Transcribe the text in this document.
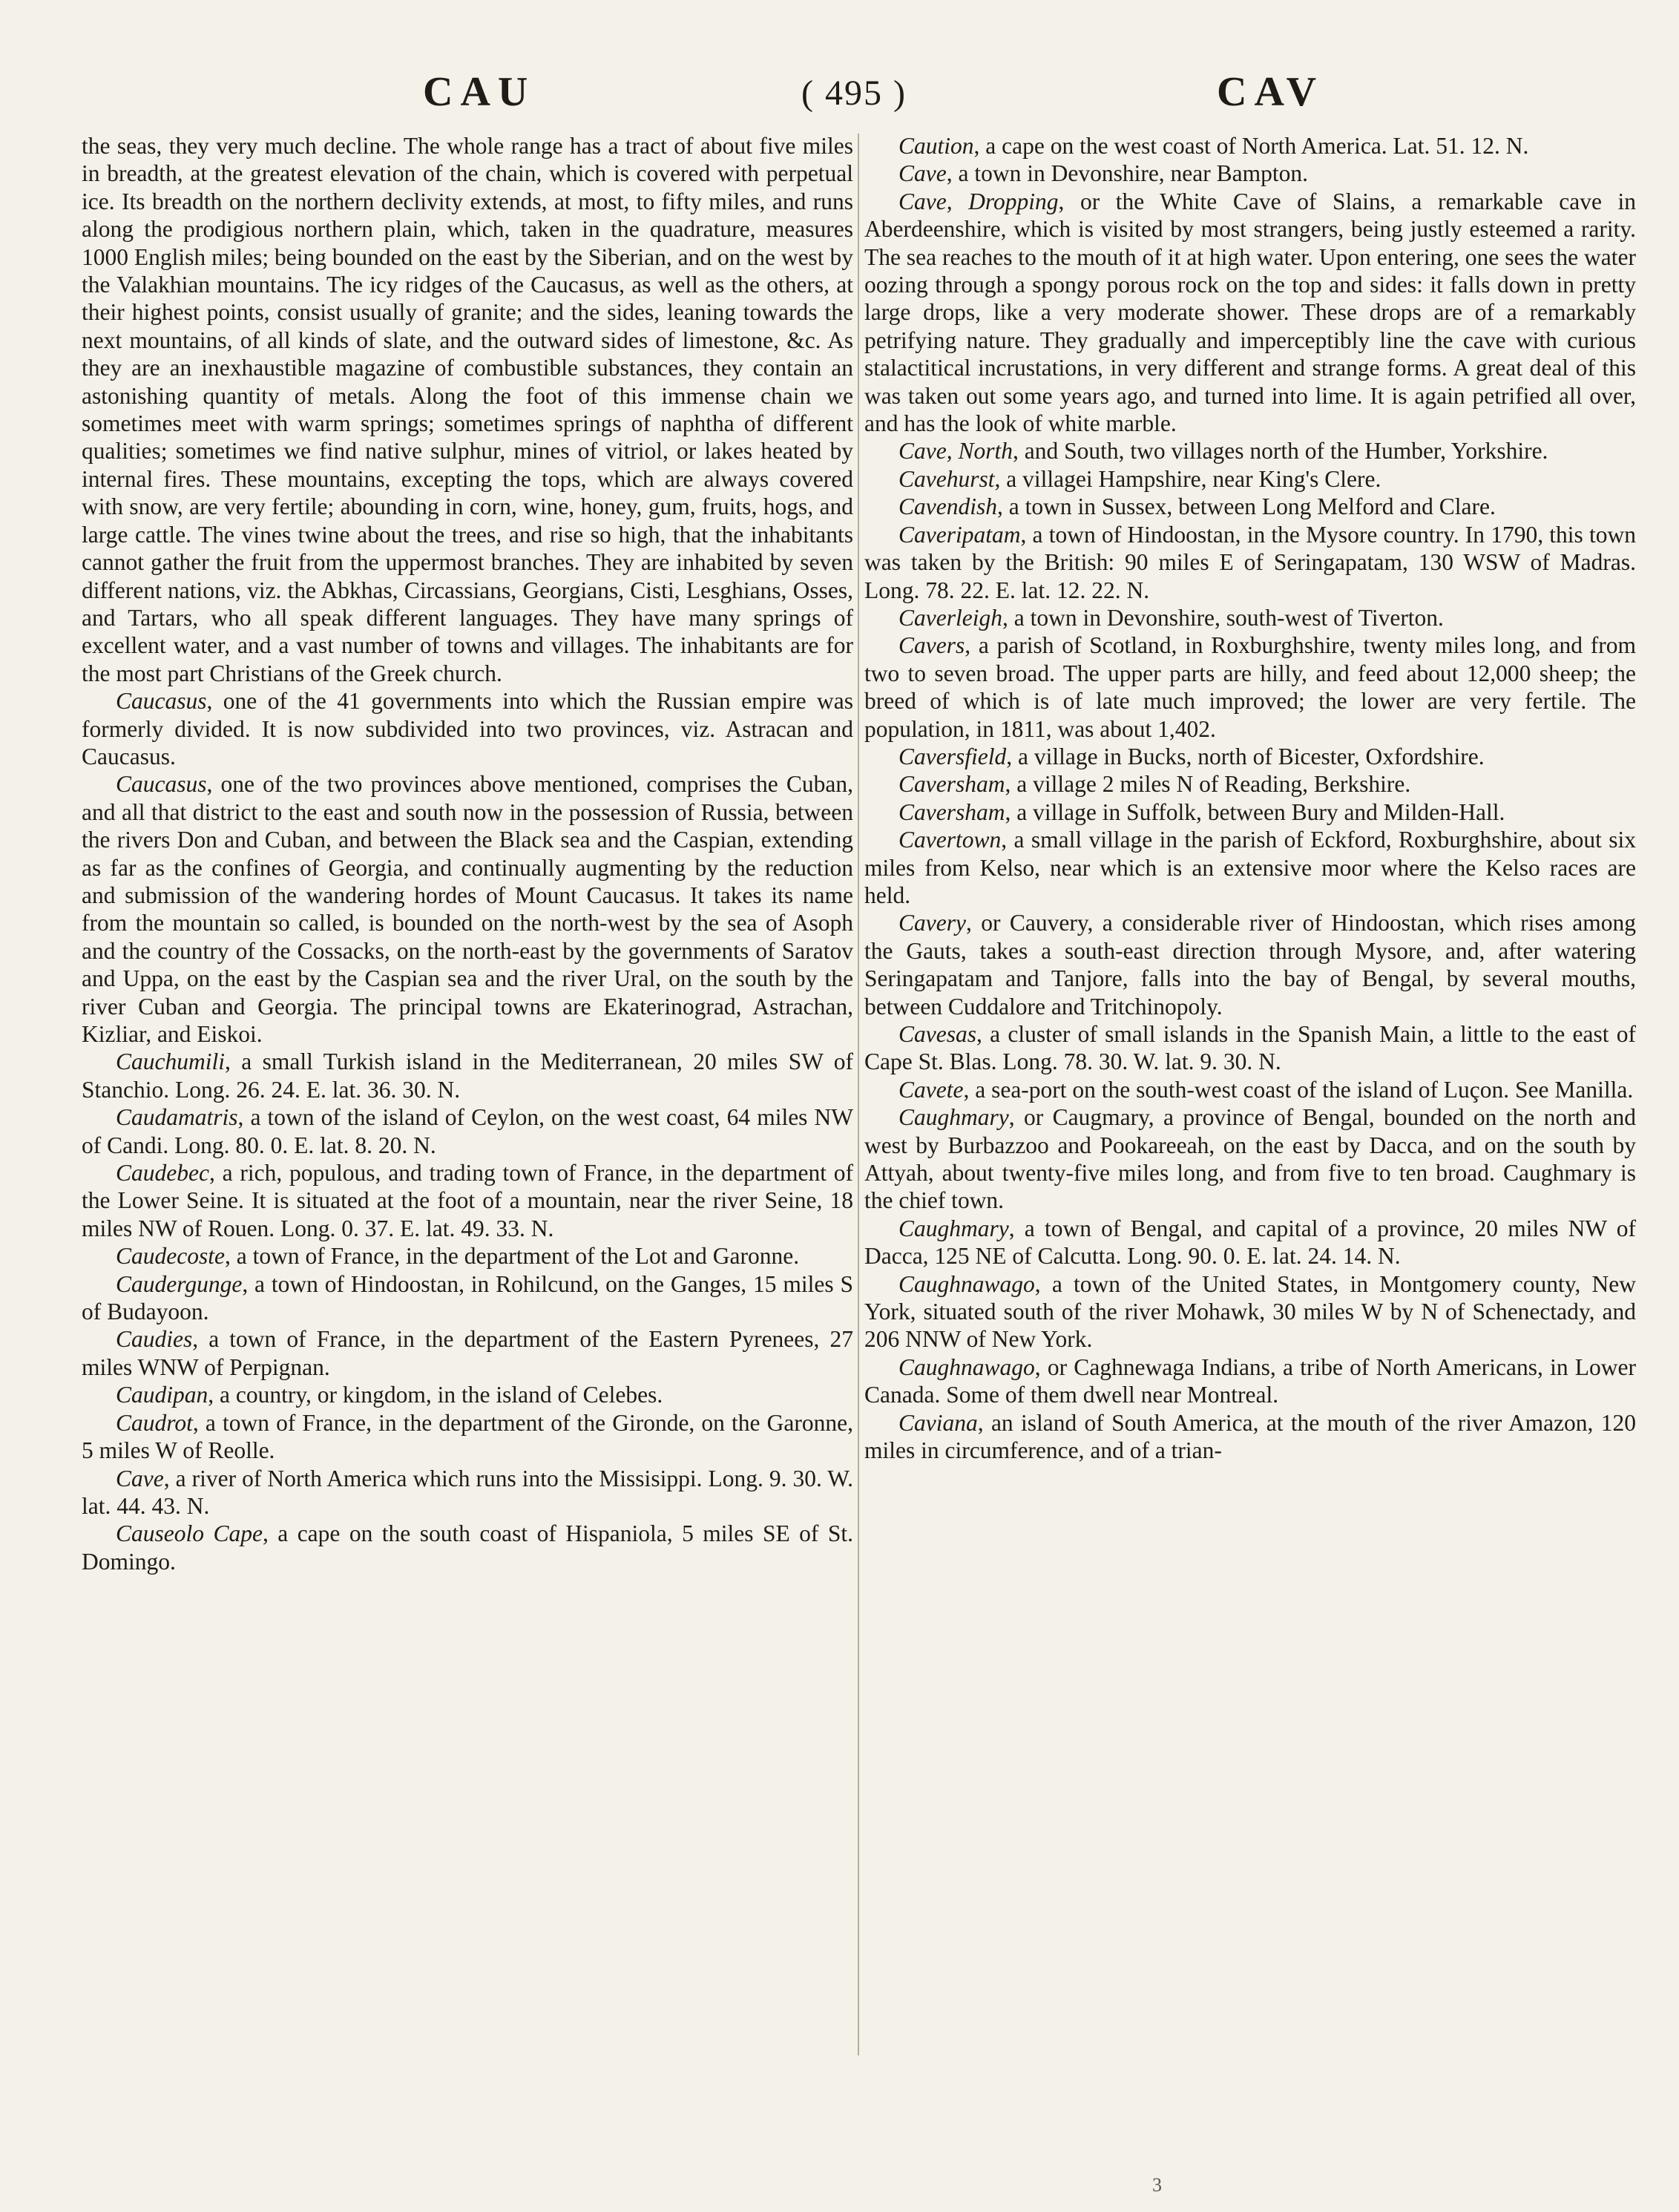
CAU	( 495 )	CAV

the seas, they very much decline. The whole range has a tract of about five miles in breadth, at the greatest elevation of the chain, which is covered with perpetual ice. Its breadth on the northern declivity extends, at most, to fifty miles, and runs along the prodigious northern plain, which, taken in the quadrature, measures 1000 English miles; being bounded on the east by the Siberian, and on the west by the Valakhian mountains. The icy ridges of the Caucasus, as well as the others, at their highest points, consist usually of granite; and the sides, leaning towards the next mountains, of all kinds of slate, and the outward sides of limestone, &c. As they are an inexhaustible magazine of combustible substances, they contain an astonishing quantity of metals. Along the foot of this immense chain we sometimes meet with warm springs; sometimes springs of naphtha of different qualities; sometimes we find native sulphur, mines of vitriol, or lakes heated by internal fires. These mountains, excepting the tops, which are always covered with snow, are very fertile; abounding in corn, wine, honey, gum, fruits, hogs, and large cattle. The vines twine about the trees, and rise so high, that the inhabitants cannot gather the fruit from the uppermost branches. They are inhabited by seven different nations, viz. the Abkhas, Circassians, Georgians, Cisti, Lesghians, Osses, and Tartars, who all speak different languages. They have many springs of excellent water, and a vast number of towns and villages. The inhabitants are for the most part Christians of the Greek church.

Caucasus, one of the 41 governments into which the Russian empire was formerly divided. It is now subdivided into two provinces, viz. Astracan and Caucasus.

Caucasus, one of the two provinces above mentioned, comprises the Cuban, and all that district to the east and south now in the possession of Russia, between the rivers Don and Cuban, and between the Black sea and the Caspian, extending as far as the confines of Georgia, and continually augmenting by the reduction and submission of the wandering hordes of Mount Caucasus. It takes its name from the mountain so called, is bounded on the north-west by the sea of Asoph and the country of the Cossacks, on the north-east by the governments of Saratov and Uppa, on the east by the Caspian sea and the river Ural, on the south by the river Cuban and Georgia. The principal towns are Ekaterinograd, Astrachan, Kizliar, and Eiskoi.

Cauchumili, a small Turkish island in the Mediterranean, 20 miles SW of Stanchio. Long. 26. 24. E. lat. 36. 30. N.

Caudamatris, a town of the island of Ceylon, on the west coast, 64 miles NW of Candi. Long. 80. 0. E. lat. 8. 20. N.

Caudebec, a rich, populous, and trading town of France, in the department of the Lower Seine. It is situated at the foot of a mountain, near the river Seine, 18 miles NW of Rouen. Long. 0. 37. E. lat. 49. 33. N.

Caudecoste, a town of France, in the department of the Lot and Garonne.

Caudergunge, a town of Hindoostan, in Rohilcund, on the Ganges, 15 miles S of Budayoon.

Caudies, a town of France, in the department of the Eastern Pyrenees, 27 miles WNW of Perpignan.

Caudipan, a country, or kingdom, in the island of Celebes.

Caudrot, a town of France, in the department of the Gironde, on the Garonne, 5 miles W of Reolle.

Cave, a river of North America which runs into the Missisippi. Long. 9. 30. W. lat. 44. 43. N.

Causeolo Cape, a cape on the south coast of Hispaniola, 5 miles SE of St. Domingo.

Caution, a cape on the west coast of North America. Lat. 51. 12. N.

Cave, a town in Devonshire, near Bampton.

Cave, Dropping, or the White Cave of Slains, a remarkable cave in Aberdeenshire, which is visited by most strangers, being justly esteemed a rarity. The sea reaches to the mouth of it at high water. Upon entering, one sees the water oozing through a spongy porous rock on the top and sides: it falls down in pretty large drops, like a very moderate shower. These drops are of a remarkably petrifying nature. They gradually and imperceptibly line the cave with curious stalactitical incrustations, in very different and strange forms. A great deal of this was taken out some years ago, and turned into lime. It is again petrified all over, and has the look of white marble.

Cave, North, and South, two villages north of the Humber, Yorkshire.

Cavehurst, a villagei Hampshire, near King's Clere.

Cavendish, a town in Sussex, between Long Melford and Clare.

Caveripatam, a town of Hindoostan, in the Mysore country. In 1790, this town was taken by the British: 90 miles E of Seringapatam, 130 WSW of Madras. Long. 78. 22. E. lat. 12. 22. N.

Caverleigh, a town in Devonshire, south-west of Tiverton.

Cavers, a parish of Scotland, in Roxburghshire, twenty miles long, and from two to seven broad. The upper parts are hilly, and feed about 12,000 sheep; the breed of which is of late much improved; the lower are very fertile. The population, in 1811, was about 1,402.

Caversfield, a village in Bucks, north of Bicester, Oxfordshire.

Caversham, a village 2 miles N of Reading, Berkshire.

Caversham, a village in Suffolk, between Bury and Milden-Hall.

Cavertown, a small village in the parish of Eckford, Roxburghshire, about six miles from Kelso, near which is an extensive moor where the Kelso races are held.

Cavery, or Cauvery, a considerable river of Hindoostan, which rises among the Gauts, takes a south-east direction through Mysore, and, after watering Seringapatam and Tanjore, falls into the bay of Bengal, by several mouths, between Cuddalore and Tritchinopoly.

Cavesas, a cluster of small islands in the Spanish Main, a little to the east of Cape St. Blas. Long. 78. 30. W. lat. 9. 30. N.

Cavete, a sea-port on the south-west coast of the island of Luçon. See Manilla.

Caughmary, or Caugmary, a province of Bengal, bounded on the north and west by Burbazzoo and Pookareeah, on the east by Dacca, and on the south by Attyah, about twenty-five miles long, and from five to ten broad. Caughmary is the chief town.

Caughmary, a town of Bengal, and capital of a province, 20 miles NW of Dacca, 125 NE of Calcutta. Long. 90. 0. E. lat. 24. 14. N.

Caughnawago, a town of the United States, in Montgomery county, New York, situated south of the river Mohawk, 30 miles W by N of Schenectady, and 206 NNW of New York.

Caughnawago, or Caghnewaga Indians, a tribe of North Americans, in Lower Canada. Some of them dwell near Montreal.

Caviana, an island of South America, at the mouth of the river Amazon, 120 miles in circumference, and of a trian-

3
